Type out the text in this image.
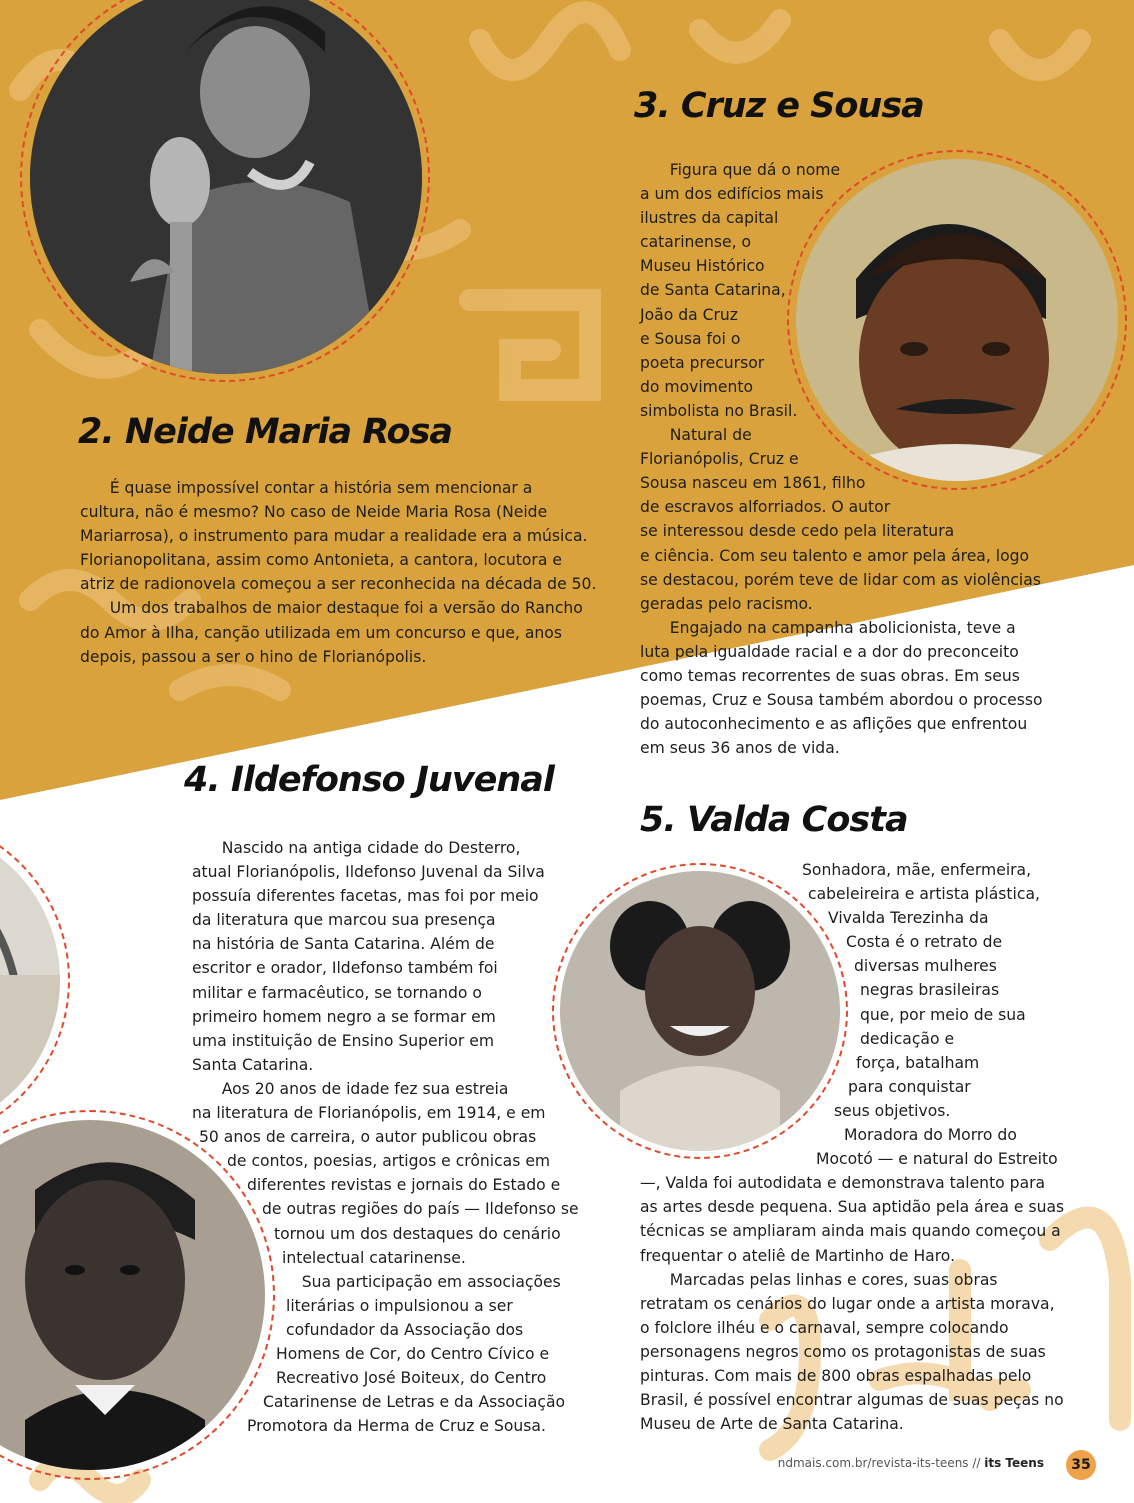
2. Neide Maria Rosa
3. Cruz e Sousa
4. Ildefonso Juvenal
5. Valda Costa
É quase impossível contar a história sem mencionar a
cultura, não é mesmo? No caso de Neide Maria Rosa (Neide
Mariarrosa), o instrumento para mudar a realidade era a música.
Florianopolitana, assim como Antonieta, a cantora, locutora e
atriz de radionovela começou a ser reconhecida na década de 50.
Um dos trabalhos de maior destaque foi a versão do Rancho
do Amor à Ilha, canção utilizada em um concurso e que, anos
depois, passou a ser o hino de Florianópolis.
Figura que dá o nome
a um dos edifícios mais
ilustres da capital
catarinense, o
Museu Histórico
de Santa Catarina,
João da Cruz
e Sousa foi o
poeta precursor
do movimento
simbolista no Brasil.
Natural de
Florianópolis, Cruz e
Sousa nasceu em 1861, filho
de escravos alforriados. O autor
se interessou desde cedo pela literatura
e ciência. Com seu talento e amor pela área, logo
se destacou, porém teve de lidar com as violências
geradas pelo racismo.
Engajado na campanha abolicionista, teve a
luta pela igualdade racial e a dor do preconceito
como temas recorrentes de suas obras. Em seus
poemas, Cruz e Sousa também abordou o processo
do autoconhecimento e as aflições que enfrentou
em seus 36 anos de vida.
Nascido na antiga cidade do Desterro,
atual Florianópolis, Ildefonso Juvenal da Silva
possuía diferentes facetas, mas foi por meio
da literatura que marcou sua presença
na história de Santa Catarina. Além de
escritor e orador, Ildefonso também foi
militar e farmacêutico, se tornando o
primeiro homem negro a se formar em
uma instituição de Ensino Superior em
Santa Catarina.
Aos 20 anos de idade fez sua estreia
na literatura de Florianópolis, em 1914, e em
50 anos de carreira, o autor publicou obras
de contos, poesias, artigos e crônicas em
diferentes revistas e jornais do Estado e
de outras regiões do país — Ildefonso se
tornou um dos destaques do cenário
intelectual catarinense.
Sua participação em associações
literárias o impulsionou a ser
cofundador da Associação dos
Homens de Cor, do Centro Cívico e
Recreativo José Boiteux, do Centro
Catarinense de Letras e da Associação
Promotora da Herma de Cruz e Sousa.
Sonhadora, mãe, enfermeira,
cabeleireira e artista plástica,
Vivalda Terezinha da
Costa é o retrato de
diversas mulheres
negras brasileiras
que, por meio de sua
dedicação e
força, batalham
para conquistar
seus objetivos.
Moradora do Morro do
Mocotó — e natural do Estreito
—, Valda foi autodidata e demonstrava talento para
as artes desde pequena. Sua aptidão pela área e suas
técnicas se ampliaram ainda mais quando começou a
frequentar o ateliê de Martinho de Haro.
Marcadas pelas linhas e cores, suas obras
retratam os cenários do lugar onde a artista morava,
o folclore ilhéu e o carnaval, sempre colocando
personagens negros como os protagonistas de suas
pinturas. Com mais de 800 obras espalhadas pelo
Brasil, é possível encontrar algumas de suas peças no
Museu de Arte de Santa Catarina.
ndmais.com.br/revista-its-teens // its Teens	35
